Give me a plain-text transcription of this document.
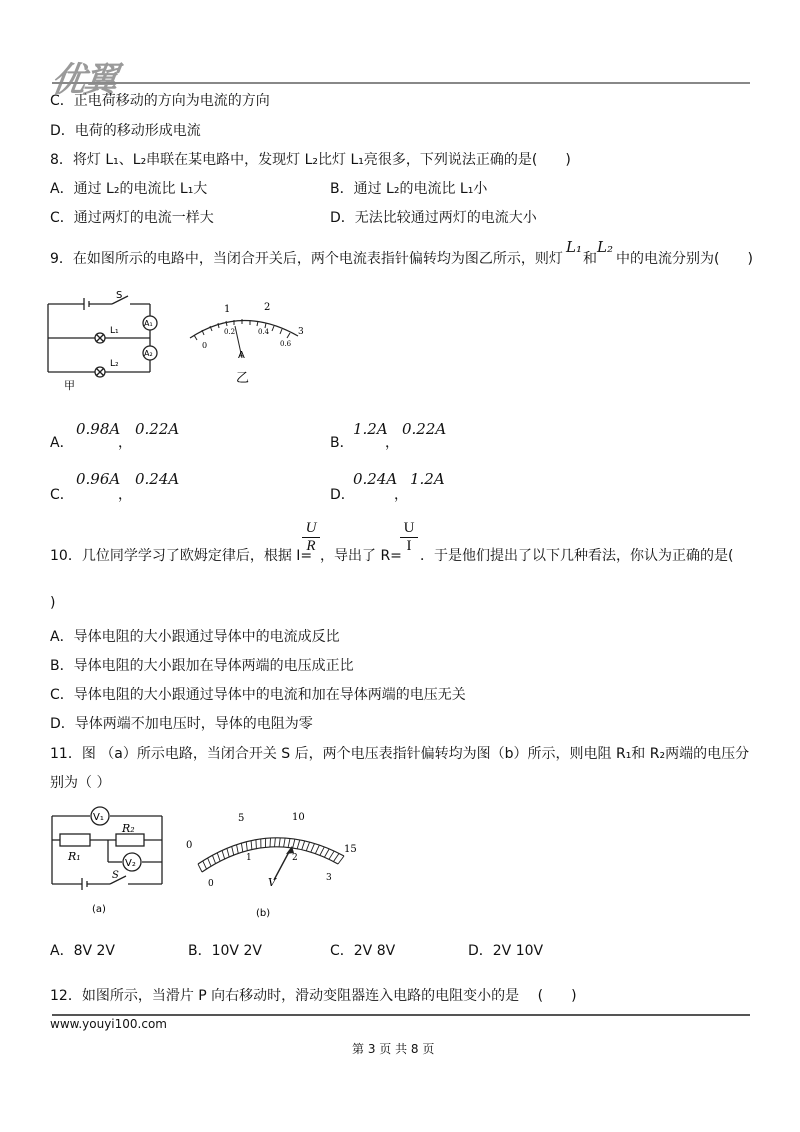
优翼
C．正电荷移动的方向为电流的方向
D．电荷的移动形成电流
8．将灯 L₁、L₂串联在某电路中，发现灯 L₂比灯 L₁亮很多，下列说法正确的是(　　)
A．通过 L₂的电流比 L₁大	B．通过 L₂的电流比 L₁小
C．通过两灯的电流一样大	D．无法比较通过两灯的电流大小
9．在如图所示的电路中，当闭合开关后，两个电流表指针偏转均为图乙所示，则灯
L₁
和
L₂
中的电流分别为(　　)
S
A₁
A₂
L₁
L₂
甲
1	2
3
0
0.2	0.4
0.6
A
乙
A．
0.98A
，
0.22A
B．
1.2A
，
0.22A
C．
0.96A
，
0.24A
D．
0.24A
，
1.2A
10．几位同学学习了欧姆定律后，根据 I=
$\frac{U}{R}$
，导出了 R=
$\frac{U}{I}$
．于是他们提出了以下几种看法，你认为正确的是(
)
A．导体电阻的大小跟通过导体中的电流成反比
B．导体电阻的大小跟加在导体两端的电压成正比
C．导体电阻的大小跟通过导体中的电流和加在导体两端的电压无关
D．导体两端不加电压时，导体的电阻为零
11．图 （a）所示电路，当闭合开关 S 后，两个电压表指针偏转均为图（b）所示，则电阻 R₁和 R₂两端的电压分
别为（ ）
V₁
V₂
R₂
R₁
S
(a)
0
5	10
15
0
1	2
3
V
(b)
A．8V 2V	B．10V 2V	C．2V 8V	D．2V 10V
12．如图所示，当滑片 P 向右移动时，滑动变阻器连入电路的电阻变小的是 　(　　)
www.youyi100.com
第 3 页 共 8 页
